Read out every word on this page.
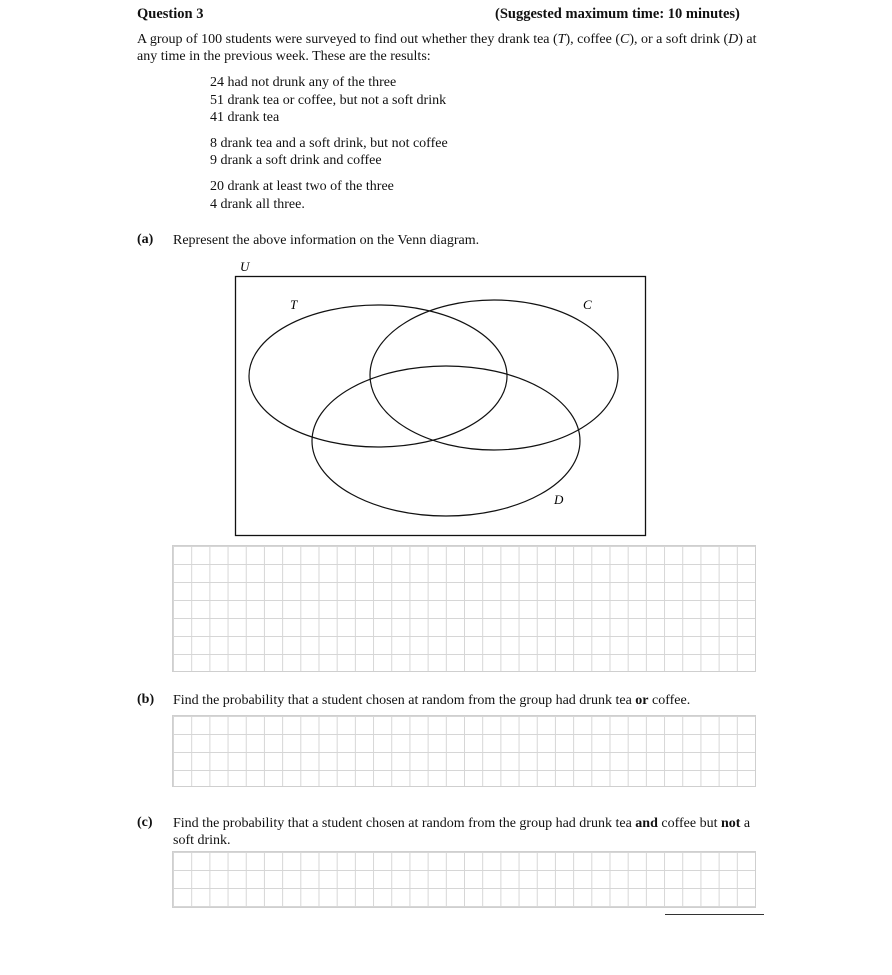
Question 3	(Suggested maximum time: 10 minutes)
A group of 100 students were surveyed to find out whether they drank tea (T), coffee (C), or a soft drink (D) at any time in the previous week. These are the results:
24 had not drunk any of the three
51 drank tea or coffee, but not a soft drink
41 drank tea
8 drank tea and a soft drink, but not coffee
9 drank a soft drink and coffee
20 drank at least two of the three
4 drank all three.
(a) Represent the above information on the Venn diagram.
U
T	C
D
(b) Find the probability that a student chosen at random from the group had drunk tea or coffee.
(c) Find the probability that a student chosen at random from the group had drunk tea and coffee but not a soft drink.
